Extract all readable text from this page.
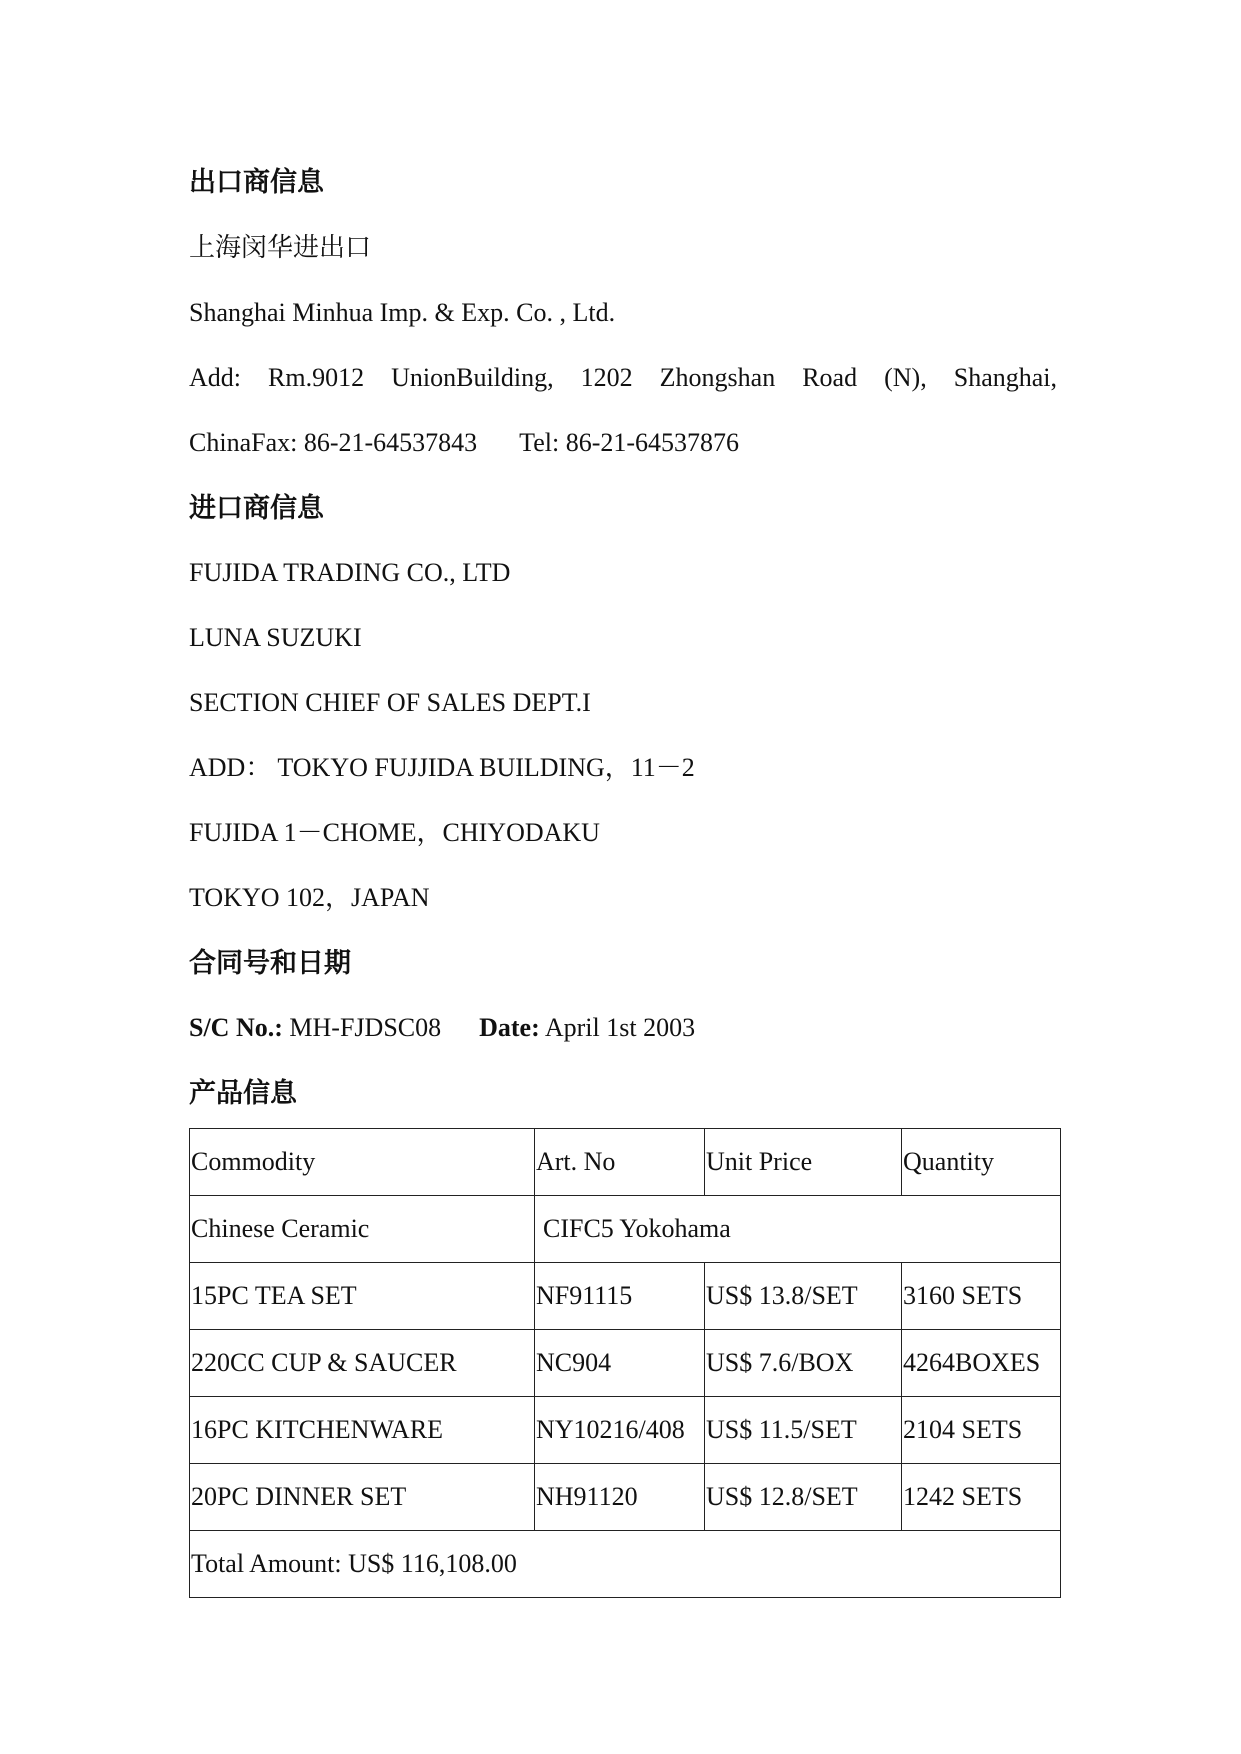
出口商信息
上海闵华进出口
Shanghai Minhua Imp. & Exp. Co. , Ltd.
Add: Rm.9012 UnionBuilding, 1202 Zhongshan Road (N), Shanghai,
ChinaFax: 86-21-64537843 Tel: 86-21-64537876
进口商信息
FUJIDA TRADING CO., LTD
LUNA SUZUKI
SECTION CHIEF OF SALES DEPT.I
ADD： TOKYO FUJJIDA BUILDING，11－2
FUJIDA 1－CHOME，CHIYODAKU
TOKYO 102，JAPAN
合同号和日期
S/C No.: MH-FJDSC08 Date: April 1st 2003
产品信息
Commodity	Art. No	Unit Price	Quantity
Chinese Ceramic	CIFC5 Yokohama		
15PC TEA SET	NF91115	US$ 13.8/SET	3160 SETS
220CC CUP & SAUCER	NC904	US$ 7.6/BOX	4264BOXES
16PC KITCHENWARE	NY10216/408	US$ 11.5/SET	2104 SETS
20PC DINNER SET	NH91120	US$ 12.8/SET	1242 SETS
Total Amount: US$ 116,108.00			
